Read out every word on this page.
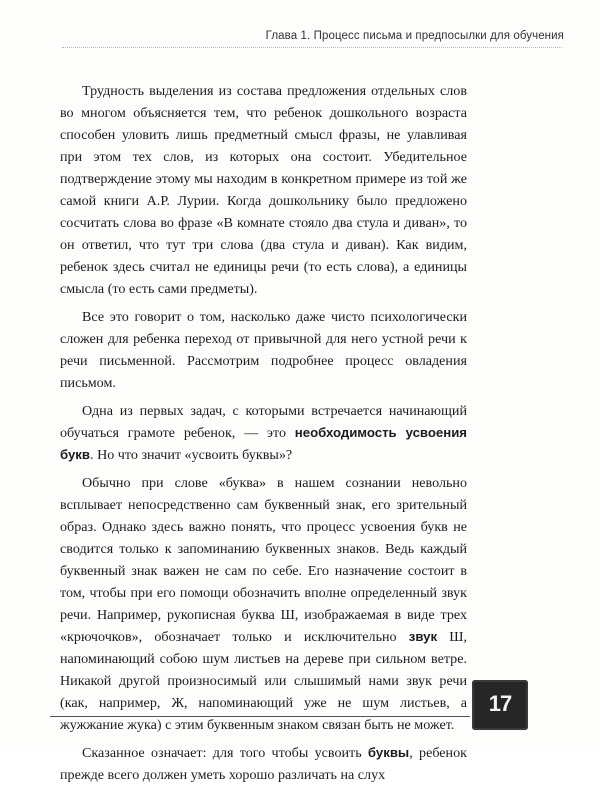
Глава 1. Процесс письма и предпосылки для обучения

Трудность выделения из состава предложения отдельных слов во многом объясняется тем, что ребенок дошкольного возраста способен уловить лишь предметный смысл фразы, не улавливая при этом тех слов, из которых она состоит. Убедительное подтверждение этому мы находим в конкретном примере из той же самой книги А.Р. Лурии. Когда дошкольнику было предложено сосчитать слова во фразе «В комнате стояло два стула и диван», то он ответил, что тут три слова (два стула и диван). Как видим, ребенок здесь считал не единицы речи (то есть слова), а единицы смысла (то есть сами предметы).

Все это говорит о том, насколько даже чисто психологически сложен для ребенка переход от привычной для него устной речи к речи письменной. Рассмотрим подробнее процесс овладения письмом.

Одна из первых задач, с которыми встречается начинающий обучаться грамоте ребенок, — это необходимость усвоения букв. Но что значит «усвоить буквы»?

Обычно при слове «буква» в нашем сознании невольно всплывает непосредственно сам буквенный знак, его зрительный образ. Однако здесь важно понять, что процесс усвоения букв не сводится только к запоминанию буквенных знаков. Ведь каждый буквенный знак важен не сам по себе. Его назначение состоит в том, чтобы при его помощи обозначить вполне определенный звук речи. Например, рукописная буква Ш, изображаемая в виде трех «крючочков», обозначает только и исключительно звук Ш, напоминающий собою шум листьев на дереве при сильном ветре. Никакой другой произносимый или слышимый нами звук речи (как, например, Ж, напоминающий уже не шум листьев, а жужжание жука) с этим буквенным знаком связан быть не может.

Сказанное означает: для того чтобы усвоить буквы, ребенок прежде всего должен уметь хорошо различать на слух

17
